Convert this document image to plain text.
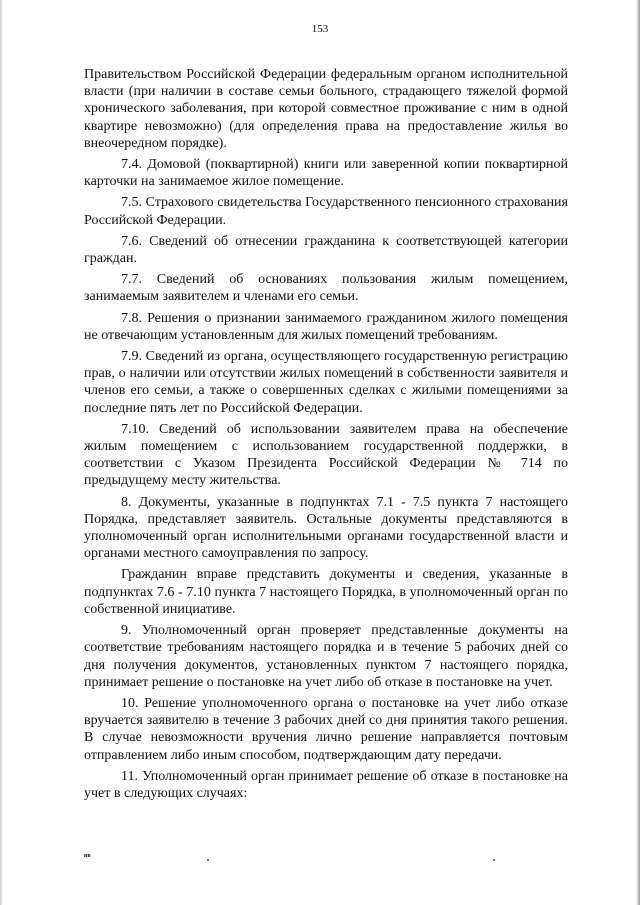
153

Правительством Российской Федерации федеральным органом исполнительной власти (при наличии в составе семьи больного, страдающего тяжелой формой хронического заболевания, при которой совместное проживание с ним в одной квартире невозможно) (для определения права на предоставление жилья во внеочередном порядке).

7.4. Домовой (поквартирной) книги или заверенной копии поквартирной карточки на занимаемое жилое помещение.

7.5. Страхового свидетельства Государственного пенсионного страхования Российской Федерации.

7.6. Сведений об отнесении гражданина к соответствующей категории граждан.

7.7. Сведений об основаниях пользования жилым помещением, занимаемым заявителем и членами его семьи.

7.8. Решения о признании занимаемого гражданином жилого помещения не отвечающим установленным для жилых помещений требованиям.

7.9. Сведений из органа, осуществляющего государственную регистрацию прав, о наличии или отсутствии жилых помещений в собственности заявителя и членов его семьи, а также о совершенных сделках с жилыми помещениями за последние пять лет по Российской Федерации.

7.10. Сведений об использовании заявителем права на обеспечение жилым помещением с использованием государственной поддержки, в соответствии с Указом Президента Российской Федерации № 714 по предыдущему месту жительства.

8. Документы, указанные в подпунктах 7.1 - 7.5 пункта 7 настоящего Порядка, представляет заявитель. Остальные документы представляются в уполномоченный орган исполнительными органами государственной власти и органами местного самоуправления по запросу.

Гражданин вправе представить документы и сведения, указанные в подпунктах 7.6 - 7.10 пункта 7 настоящего Порядка, в уполномоченный орган по собственной инициативе.

9. Уполномоченный орган проверяет представленные документы на соответствие требованиям настоящего порядка и в течение 5 рабочих дней со дня получения документов, установленных пунктом 7 настоящего порядка, принимает решение о постановке на учет либо об отказе в постановке на учет.

10. Решение уполномоченного органа о постановке на учет либо отказе вручается заявителю в течение 3 рабочих дней со дня принятия такого решения. В случае невозможности вручения лично решение направляется почтовым отправлением либо иным способом, подтверждающим дату передачи.

11. Уполномоченный орган принимает решение об отказе в постановке на учет в следующих случаях:

нв
